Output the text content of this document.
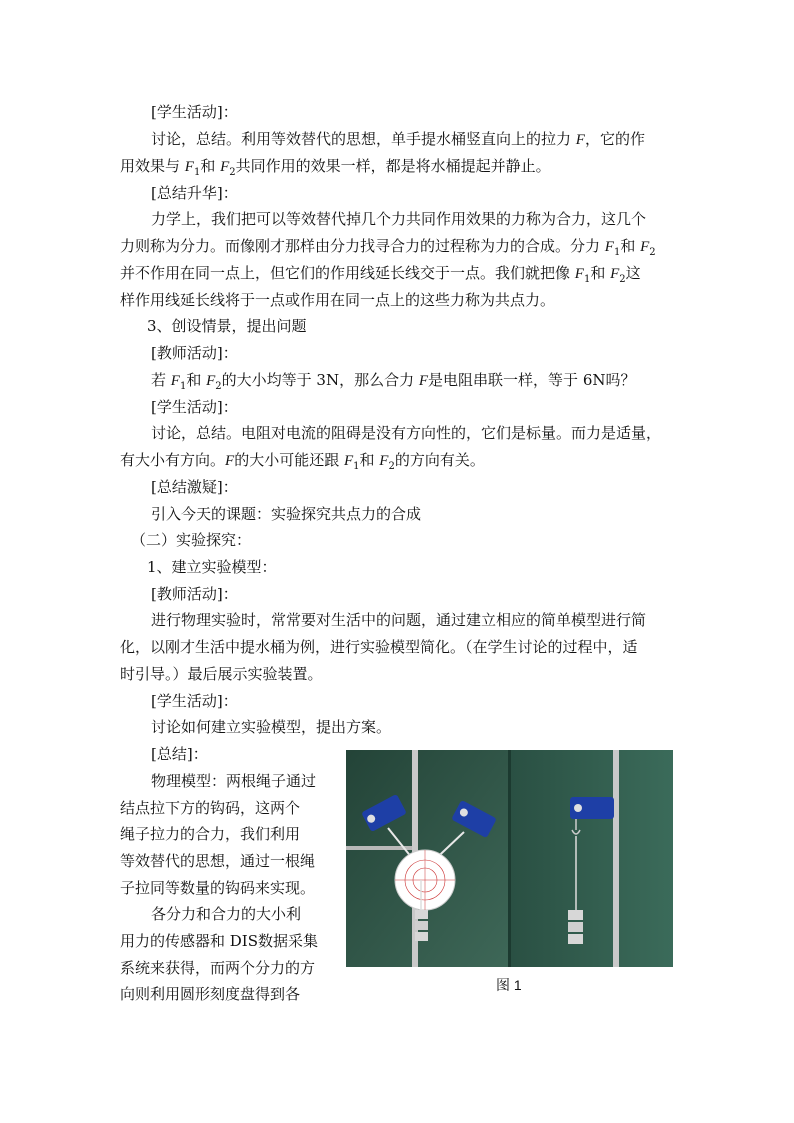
[学生活动]：
讨论，总结。利用等效替代的思想，单手提水桶竖直向上的拉力 F，它的作
用效果与 $F_1$和 $F_2$共同作用的效果一样，都是将水桶提起并静止。
[总结升华]：
力学上，我们把可以等效替代掉几个力共同作用效果的力称为合力，这几个
力则称为分力。而像刚才那样由分力找寻合力的过程称为力的合成。分力 $F_1$和 $F_2$
并不作用在同一点上，但它们的作用线延长线交于一点。我们就把像 $F_1$和 $F_2$这
样作用线延长线将于一点或作用在同一点上的这些力称为共点力。
3、创设情景，提出问题
[教师活动]：
若 $F_1$和 $F_2$的大小均等于 3N，那么合力 F是电阻串联一样，等于 6N吗？
[学生活动]：
讨论，总结。电阻对电流的阻碍是没有方向性的，它们是标量。而力是适量，
有大小有方向。F的大小可能还跟 $F_1$和 $F_2$的方向有关。
[总结激疑]：
引入今天的课题：实验探究共点力的合成
（二）实验探究：
1、建立实验模型：
[教师活动]：
进行物理实验时，常常要对生活中的问题，通过建立相应的简单模型进行简
化，以刚才生活中提水桶为例，进行实验模型简化。（在学生讨论的过程中，适
时引导。）最后展示实验装置。
[学生活动]：
讨论如何建立实验模型，提出方案。
[总结]：
物理模型：两根绳子通过
结点拉下方的钩码，这两个
绳子拉力的合力，我们利用
等效替代的思想，通过一根绳
子拉同等数量的钩码来实现。
各分力和合力的大小利
用力的传感器和 DIS数据采集
系统来获得，而两个分力的方
向则利用圆形刻度盘得到各	图 1
